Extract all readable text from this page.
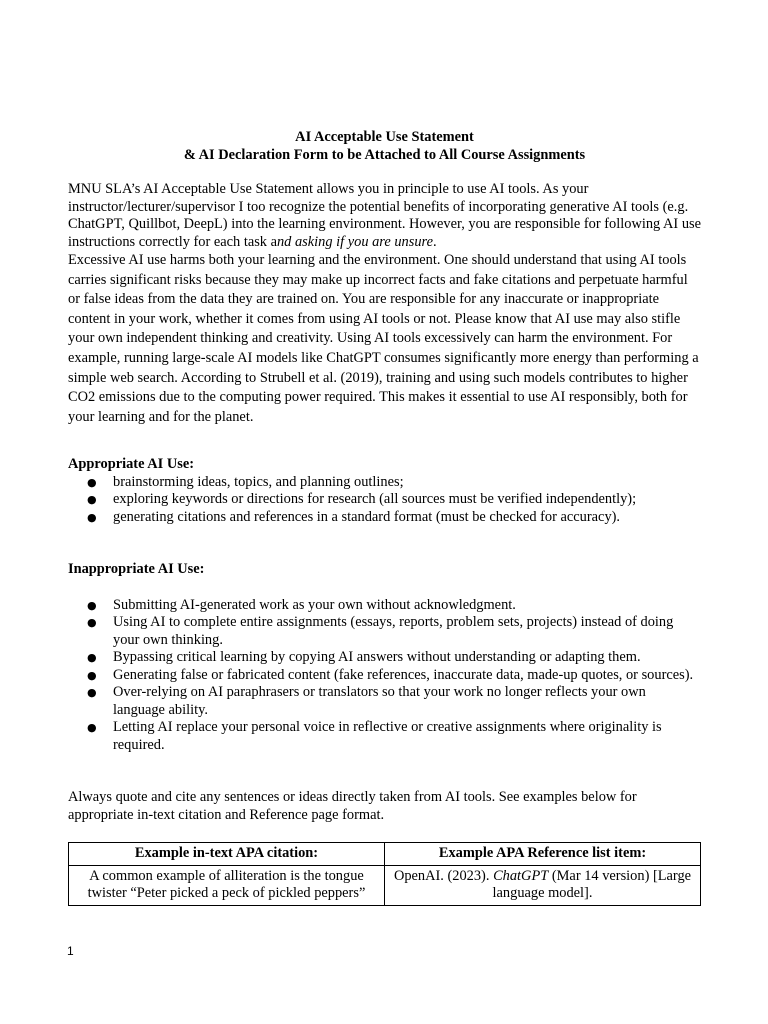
AI Acceptable Use Statement

& AI Declaration Form to be Attached to All Course Assignments

MNU SLA’s AI Acceptable Use Statement allows you in principle to use AI tools. As your instructor/lecturer/supervisor I too recognize the potential benefits of incorporating generative AI tools (e.g. ChatGPT, Quillbot, DeepL) into the learning environment. However, you are responsible for following AI use instructions correctly for each task and asking if you are unsure.

Excessive AI use harms both your learning and the environment. One should understand that using AI tools carries significant risks because they may make up incorrect facts and fake citations and perpetuate harmful or false ideas from the data they are trained on. You are responsible for any inaccurate or inappropriate content in your work, whether it comes from using AI tools or not. Please know that AI use may also stifle your own independent thinking and creativity. Using AI tools excessively can harm the environment. For example, running large-scale AI models like ChatGPT consumes significantly more energy than performing a simple web search. According to Strubell et al. (2019), training and using such models contributes to higher CO2 emissions due to the computing power required. This makes it essential to use AI responsibly, both for your learning and for the planet.

Appropriate AI Use:

● brainstorming ideas, topics, and planning outlines;
● exploring keywords or directions for research (all sources must be verified independently);
● generating citations and references in a standard format (must be checked for accuracy).

Inappropriate AI Use:

● Submitting AI-generated work as your own without acknowledgment.
● Using AI to complete entire assignments (essays, reports, problem sets, projects) instead of doing your own thinking.
● Bypassing critical learning by copying AI answers without understanding or adapting them.
● Generating false or fabricated content (fake references, inaccurate data, made-up quotes, or sources).
● Over-relying on AI paraphrasers or translators so that your work no longer reflects your own language ability.
● Letting AI replace your personal voice in reflective or creative assignments where originality is required.

Always quote and cite any sentences or ideas directly taken from AI tools. See examples below for appropriate in-text citation and Reference page format.

Example in-text APA citation:	Example APA Reference list item:
A common example of alliteration is the tongue twister “Peter picked a peck of pickled peppers”	OpenAI. (2023). ChatGPT (Mar 14 version) [Large language model].
1
